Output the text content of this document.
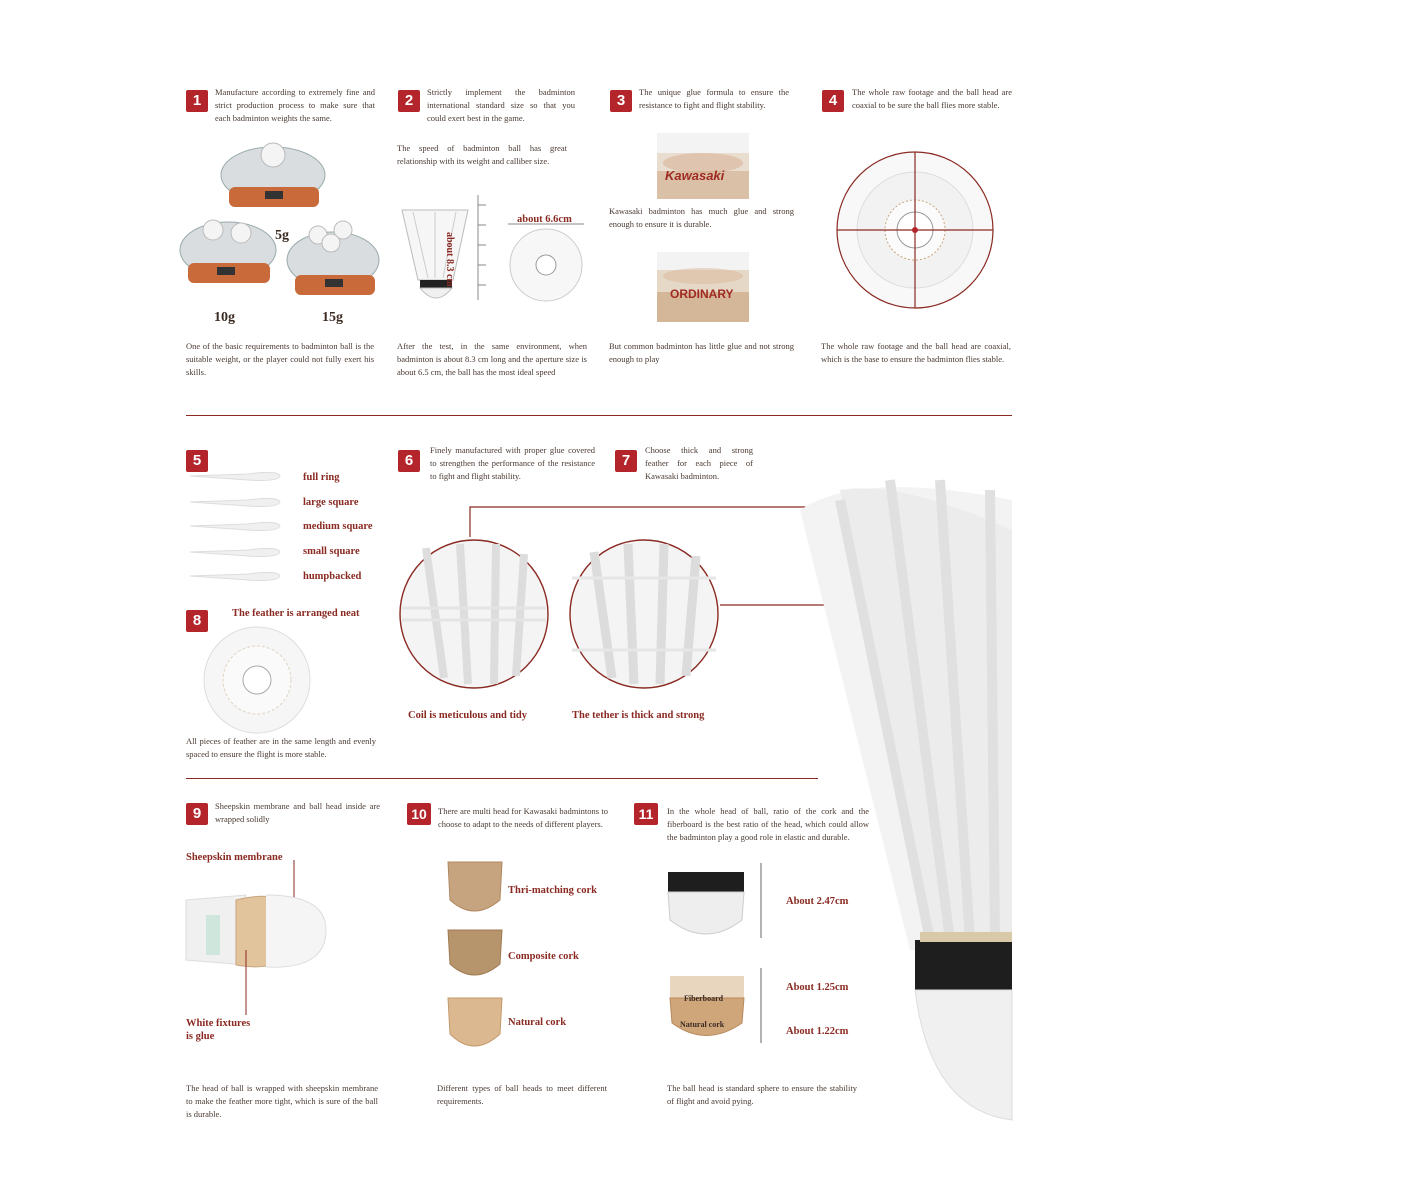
1	Manufacture according to extremely fine and strict production process to make sure that each badminton weights the same.
5g
10g	15g
One of the basic requirements to badminton ball is the suitable weight, or the player could not fully exert his skills.
2	Strictly implement the badminton international standard size so that you could exert best in the game.
The speed of badminton ball has great relationship with its weight and calliber size.
about 6.6cm
about 8.3 cm
After the test, in the same environment, when badminton is about 8.3 cm long and the aperture size is about 6.5 cm, the ball has the most ideal speed
3	The unique glue formula to ensure the resistance to fight and flight stability.
Kawasaki
Kawasaki badminton has much glue and strong enough to ensure it is durable.
ORDINARY
But common badminton has little glue and not strong enough to play
4	The whole raw footage and the ball head are coaxial to be sure the ball flies more stable.
The whole raw footage and the ball head are coaxial, which is the base to ensure the badminton flies stable.
5
full ring
large square
medium square
small square
humpbacked
6
Finely manufactured with proper glue covered to strengthen the performance of the resistance to fight and flight stability.
Coil is meticulous and tidy
7
Choose thick and strong feather for each piece of Kawasaki badminton.
The tether is thick and strong
8	The feather is arranged neat
All pieces of feather are in the same length and evenly spaced to ensure the flight is more stable.
9	Sheepskin membrane and ball head inside are wrapped solidly
Sheepskin membrane
White fixtures is glue
The head of ball is wrapped with sheepskin membrane to make the feather more tight, which is sure of the ball is durable.
10	There are multi head for Kawasaki badmintons to choose to adapt to the needs of different players.
Thri-matching cork
Composite cork
Natural cork
Different types of ball heads to meet different requirements.
11	In the whole head of ball, ratio of the cork and the fiberboard is the best ratio of the head, which could allow the badminton play a good role in elastic and durable.
About 2.47cm
About 1.25cm
About 1.22cm
Fiberboard
Natural cork
The ball head is standard sphere to ensure the stability of flight and avoid pying.
